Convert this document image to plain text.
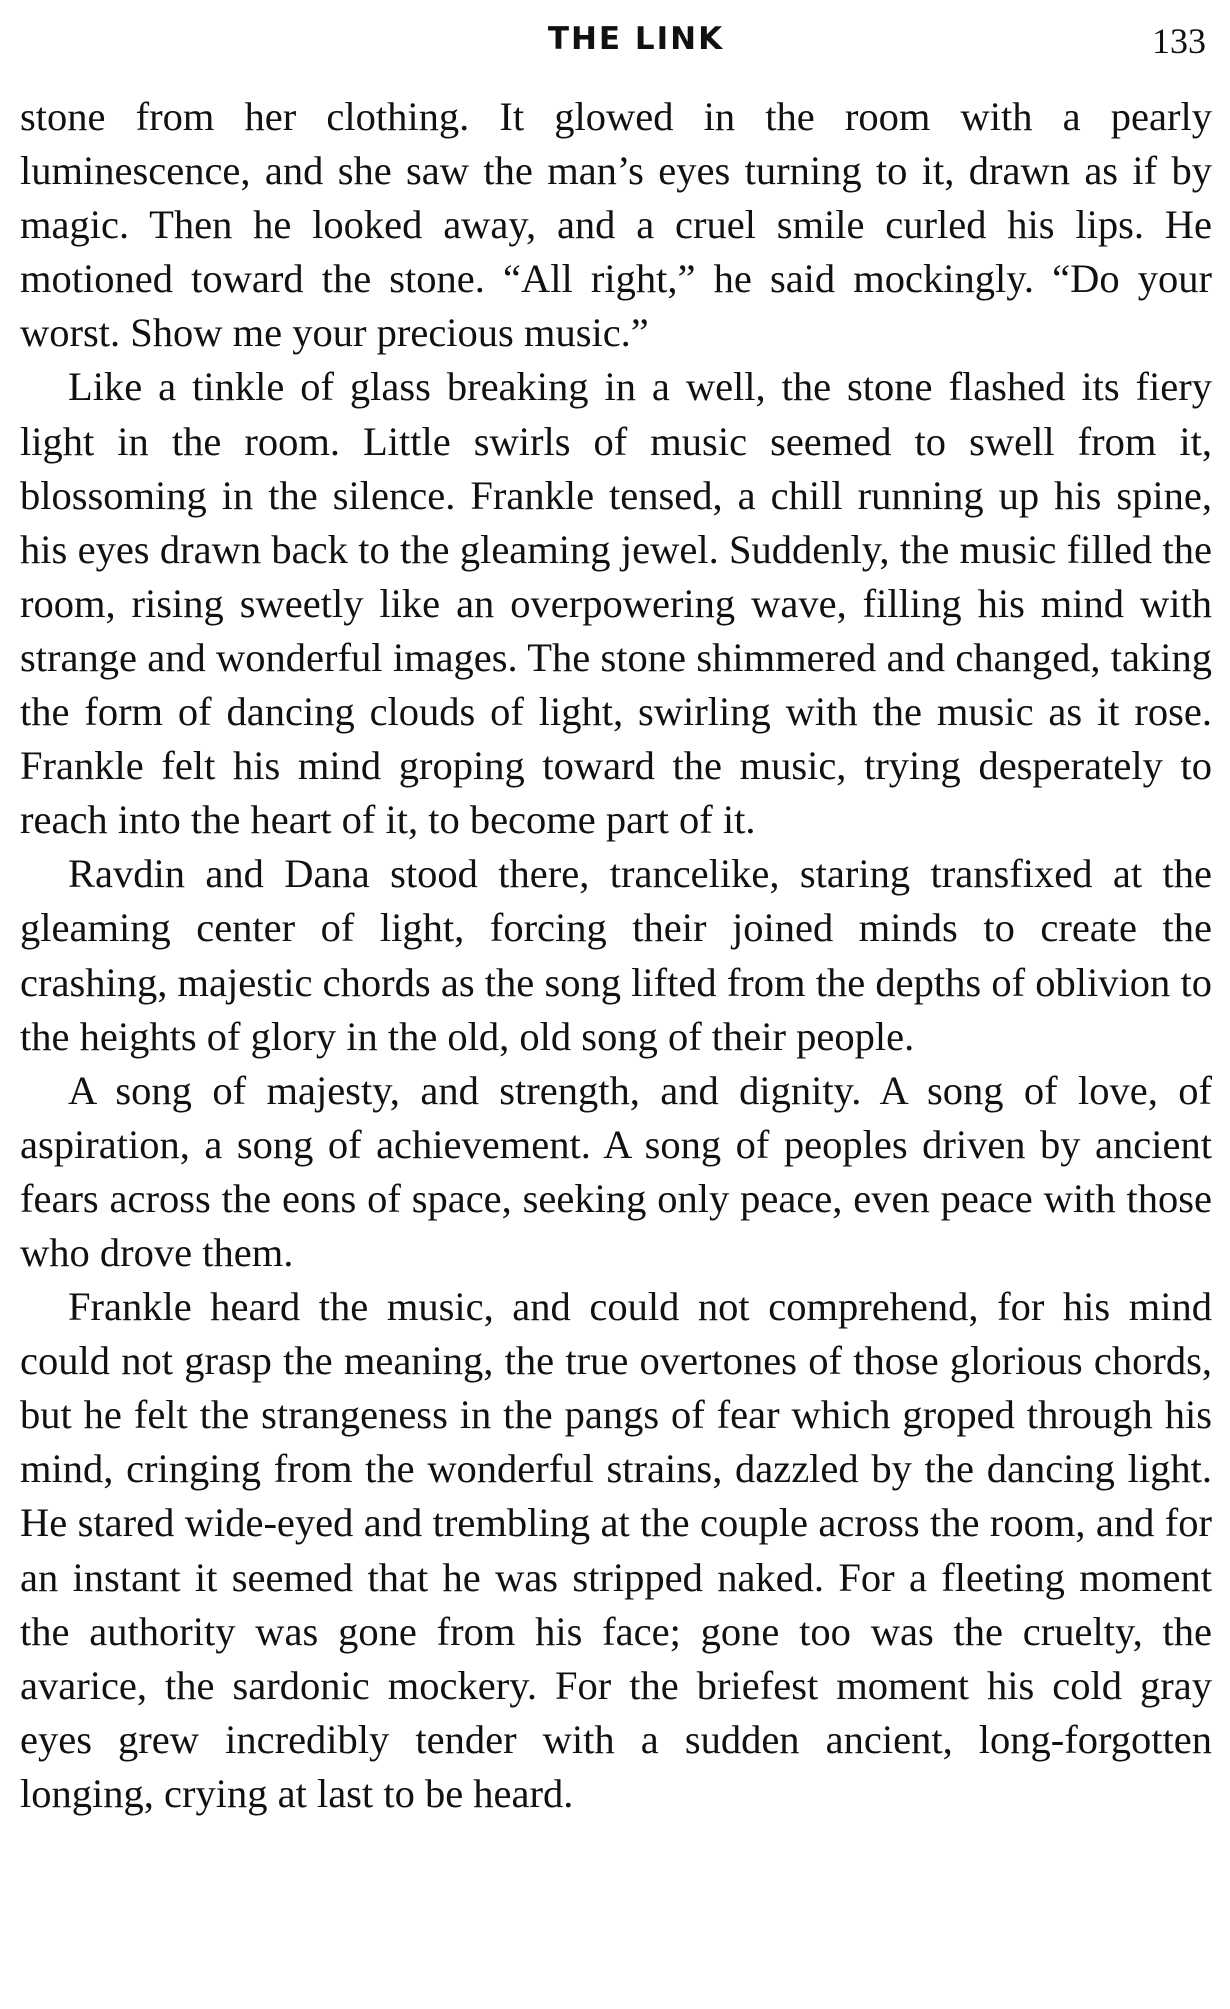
THE LINK	133

stone from her clothing. It glowed in the room with a pearly luminescence, and she saw the man’s eyes turning to it, drawn as if by magic. Then he looked away, and a cruel smile curled his lips. He motioned toward the stone. “All right,” he said mockingly. “Do your worst. Show me your precious music.”

Like a tinkle of glass breaking in a well, the stone flashed its fiery light in the room. Little swirls of music seemed to swell from it, blossoming in the silence. Frankle tensed, a chill running up his spine, his eyes drawn back to the gleaming jewel. Suddenly, the music filled the room, rising sweetly like an overpowering wave, filling his mind with strange and wonderful images. The stone shimmered and changed, taking the form of dancing clouds of light, swirling with the music as it rose. Frankle felt his mind groping toward the music, trying desperately to reach into the heart of it, to become part of it.

Ravdin and Dana stood there, trancelike, staring transfixed at the gleaming center of light, forcing their joined minds to create the crashing, majestic chords as the song lifted from the depths of oblivion to the heights of glory in the old, old song of their people.

A song of majesty, and strength, and dignity. A song of love, of aspiration, a song of achievement. A song of peoples driven by ancient fears across the eons of space, seeking only peace, even peace with those who drove them.

Frankle heard the music, and could not comprehend, for his mind could not grasp the meaning, the true overtones of those glorious chords, but he felt the strangeness in the pangs of fear which groped through his mind, cringing from the wonderful strains, dazzled by the dancing light. He stared wide-eyed and trembling at the couple across the room, and for an instant it seemed that he was stripped naked. For a fleeting moment the authority was gone from his face; gone too was the cruelty, the avarice, the sardonic mockery. For the briefest moment his cold gray eyes grew incredibly tender with a sudden ancient, long-forgotten longing, crying at last to be heard.
